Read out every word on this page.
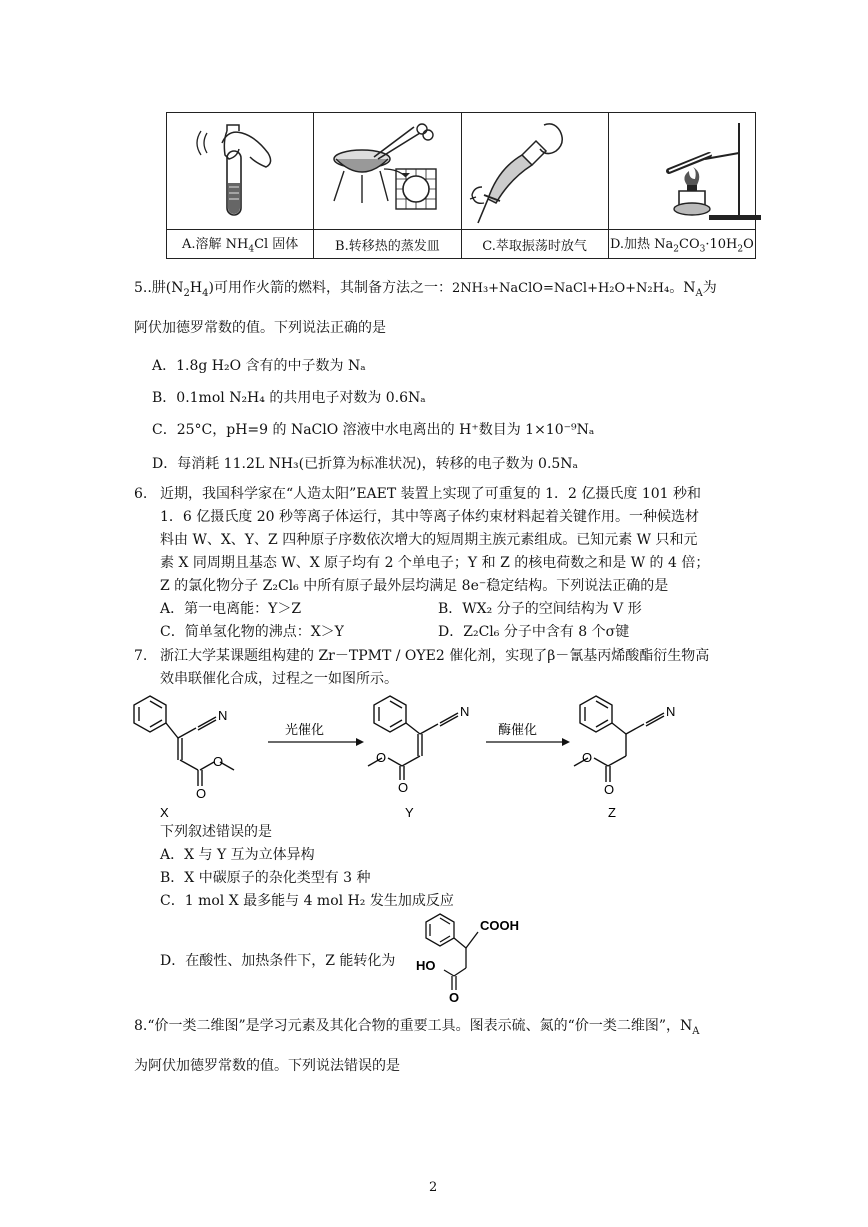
A.溶解 $NH_4Cl$ 固体	B.转移热的蒸发皿	C.萃取振荡时放气	D.加热 $Na_2CO_3\cdot 10H_2O$
5..肼$(N_2H_4)$可用作火箭的燃料，其制备方法之一：2NH₃+NaClO=NaCl+H₂O+N₂H₄。$N_A$为
阿伏加德罗常数的值。下列说法正确的是
A．1.8g H₂O 含有的中子数为 Nₐ
B．0.1mol N₂H₄ 的共用电子对数为 0.6Nₐ
C．25°C，pH=9 的 NaClO 溶液中水电离出的 H⁺数目为 1×10⁻⁹Nₐ
D．每消耗 11.2L NH₃(已折算为标准状况)，转移的电子数为 0.5Nₐ
6. 近期，我国科学家在“人造太阳”EAET 装置上实现了可重复的 1．2 亿摄氏度 101 秒和
1．6 亿摄氏度 20 秒等离子体运行，其中等离子体约束材料起着关键作用。一种候选材
料由 W、X、Y、Z 四种原子序数依次增大的短周期主族元素组成。已知元素 W 只和元
素 X 同周期且基态 W、X 原子均有 2 个单电子；Y 和 Z 的核电荷数之和是 W 的 4 倍；
Z 的氯化物分子 Z₂Cl₆ 中所有原子最外层均满足 8e⁻稳定结构。下列说法正确的是
A．第一电离能：Y＞Z	B．WX₂ 分子的空间结构为 V 形
C．简单氢化物的沸点：X＞Y	D．Z₂Cl₆ 分子中含有 8 个σ键
7. 浙江大学某课题组构建的 Zr－TPMT / OYE2 催化剂，实现了β－氰基丙烯酸酯衍生物高
效串联催化合成，过程之一如图所示。
N
O
O
X
光催化
N
O
O
Y
酶催化
N
O
O
Z
下列叙述错误的是
A．X 与 Y 互为立体异构
B．X 中碳原子的杂化类型有 3 种
C．1 mol X 最多能与 4 mol H₂ 发生加成反应
D．在酸性、加热条件下，Z 能转化为
COOH
HO
O
8.“价一类二维图”是学习元素及其化合物的重要工具。图表示硫、氮的“价一类二维图”，$N_A$
为阿伏加德罗常数的值。下列说法错误的是
2
